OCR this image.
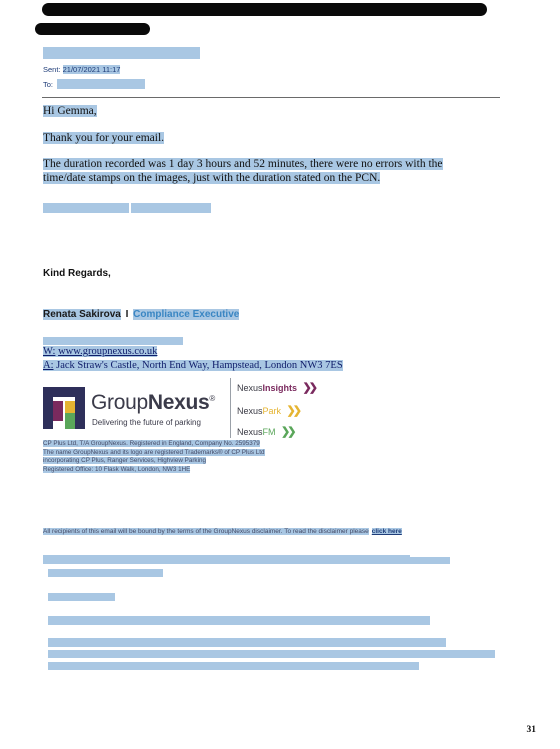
Sent: 21/07/2021 11:17
To:
Hi Gemma,
Thank you for your email.
The duration recorded was 1 day 3 hours and 52 minutes, there were no errors with the
time/date stamps on the images, just with the duration stated on the PCN.
Kind Regards,
Renata Sakirova I Compliance Executive
W: www.groupnexus.co.uk
A: Jack Straw's Castle, North End Way, Hampstead, London NW3 7ES
GroupNexus®
Delivering the future of parking
NexusInsights ❯❯
NexusPark ❯❯
NexusFM ❯❯
CP Plus Ltd, T/A GroupNexus. Registered in England, Company No. 2595379
The name GroupNexus and its logo are registered Trademarks® of CP Plus Ltd
incorporating CP Plus, Ranger Services, Highview Parking
Registered Office: 10 Flask Walk, London, NW3 1HE
All recipients of this email will be bound by the terms of the GroupNexus disclaimer. To read the disclaimer please click here
31
